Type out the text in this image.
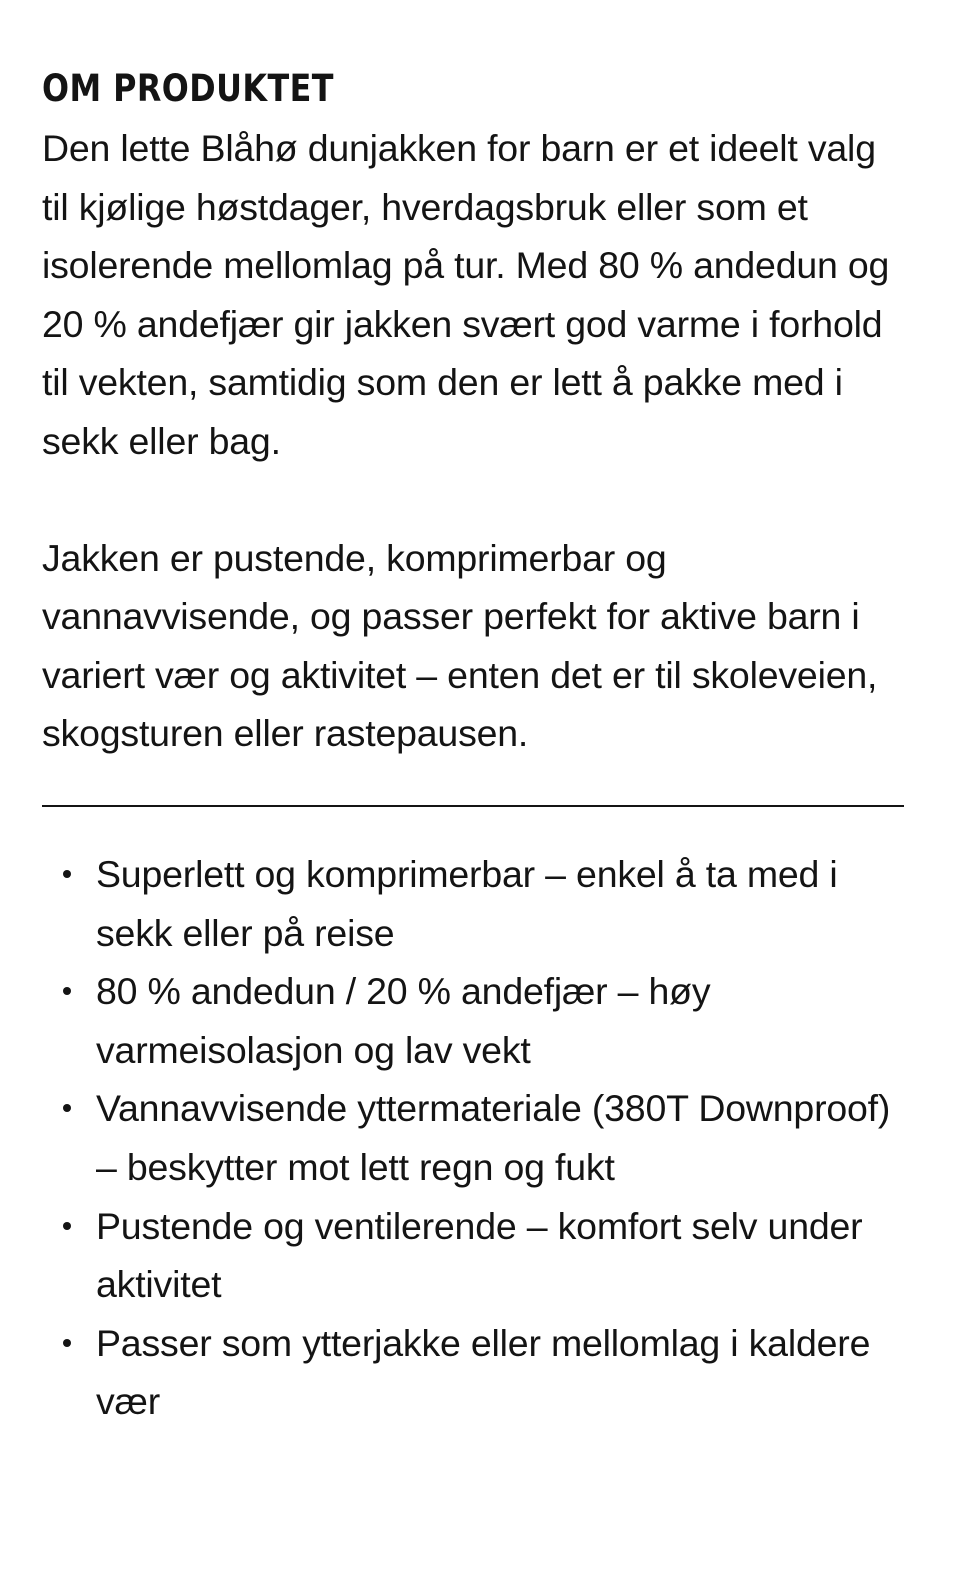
OM PRODUKTET

Den lette Blåhø dunjakken for barn er et ideelt valg til kjølige høstdager, hverdagsbruk eller som et isolerende mellomlag på tur. Med 80 % andedun og 20 % andefjær gir jakken svært god varme i forhold til vekten, samtidig som den er lett å pakke med i sekk eller bag.

Jakken er pustende, komprimerbar og vannavvisende, og passer perfekt for aktive barn i variert vær og aktivitet – enten det er til skoleveien, skogsturen eller rastepausen.

Superlett og komprimerbar – enkel å ta med i sekk eller på reise
80 % andedun / 20 % andefjær – høy varmeisolasjon og lav vekt
Vannavvisende yttermateriale (380T Downproof) – beskytter mot lett regn og fukt
Pustende og ventilerende – komfort selv under aktivitet
Passer som ytterjakke eller mellomlag i kaldere vær
